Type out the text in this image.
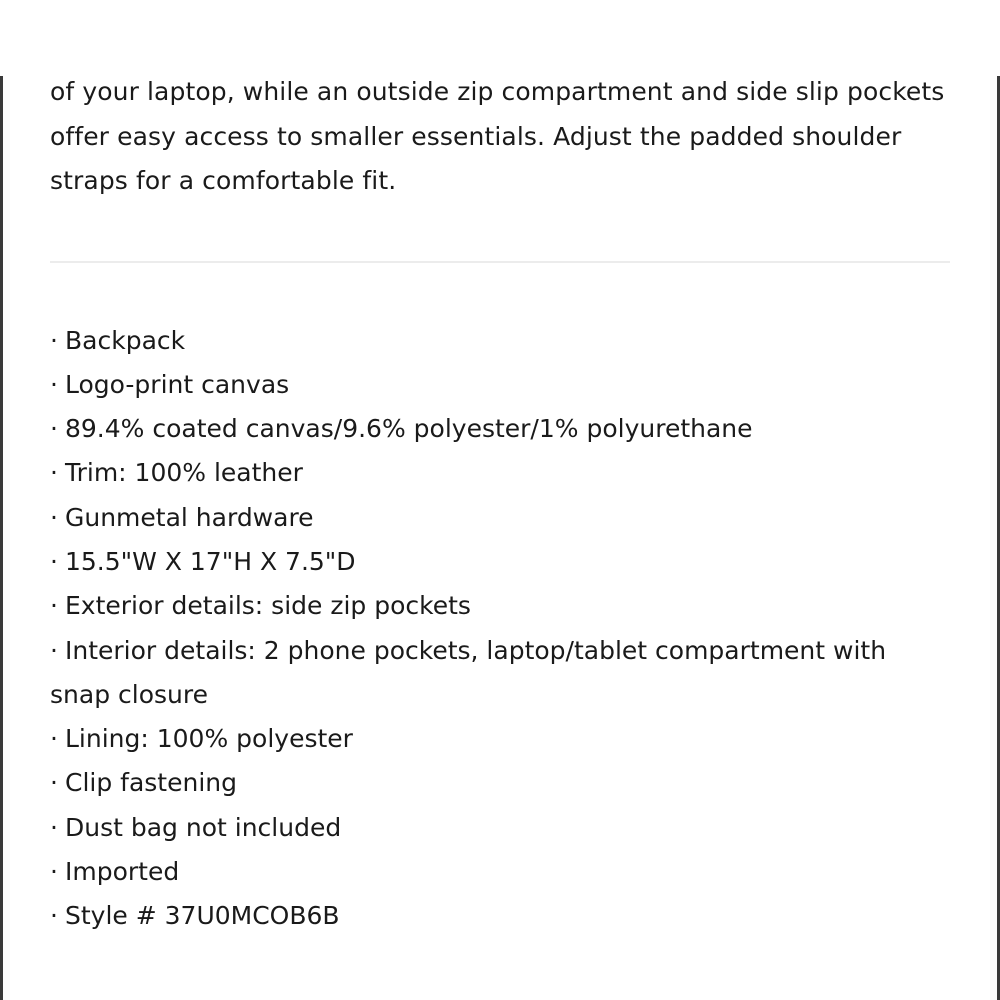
of your laptop, while an outside zip compartment and side slip pockets offer easy access to smaller essentials. Adjust the padded shoulder straps for a comfortable fit.

· Backpack
· Logo-print canvas
· 89.4% coated canvas/9.6% polyester/1% polyurethane
· Trim: 100% leather
· Gunmetal hardware
· 15.5"W X 17"H X 7.5"D
· Exterior details: side zip pockets
· Interior details: 2 phone pockets, laptop/tablet compartment with snap closure
· Lining: 100% polyester
· Clip fastening
· Dust bag not included
· Imported
· Style # 37U0MCOB6B
